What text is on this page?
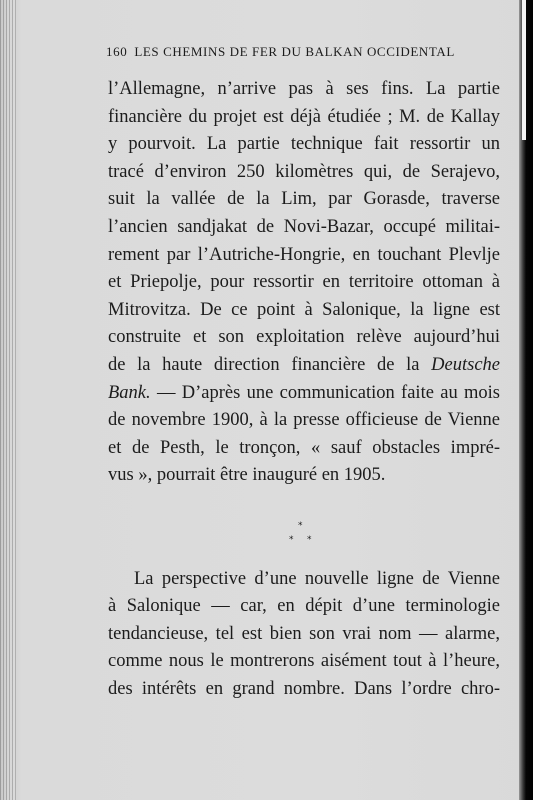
160 LES CHEMINS DE FER DU BALKAN OCCIDENTAL
l’Allemagne, n’arrive pas à ses fins. La partie
financière du projet est déjà étudiée ; M. de Kallay
y pourvoit. La partie technique fait ressortir un
tracé d’environ 250 kilomètres qui, de Serajevo,
suit la vallée de la Lim, par Gorasde, traverse
l’ancien sandjakat de Novi-Bazar, occupé militai-
rement par l’Autriche-Hongrie, en touchant Plevlje
et Priepolje, pour ressortir en territoire ottoman à
Mitrovitza. De ce point à Salonique, la ligne est
construite et son exploitation relève aujourd’hui
de la haute direction financière de la Deutsche
Bank. — D’après une communication faite au mois
de novembre 1900, à la presse officieuse de Vienne
et de Pesth, le tronçon, « sauf obstacles impré-
vus », pourrait être inauguré en 1905.
*
* *
La perspective d’une nouvelle ligne de Vienne
à Salonique — car, en dépit d’une terminologie
tendancieuse, tel est bien son vrai nom — alarme,
comme nous le montrerons aisément tout à l’heure,
des intérêts en grand nombre. Dans l’ordre chro-
